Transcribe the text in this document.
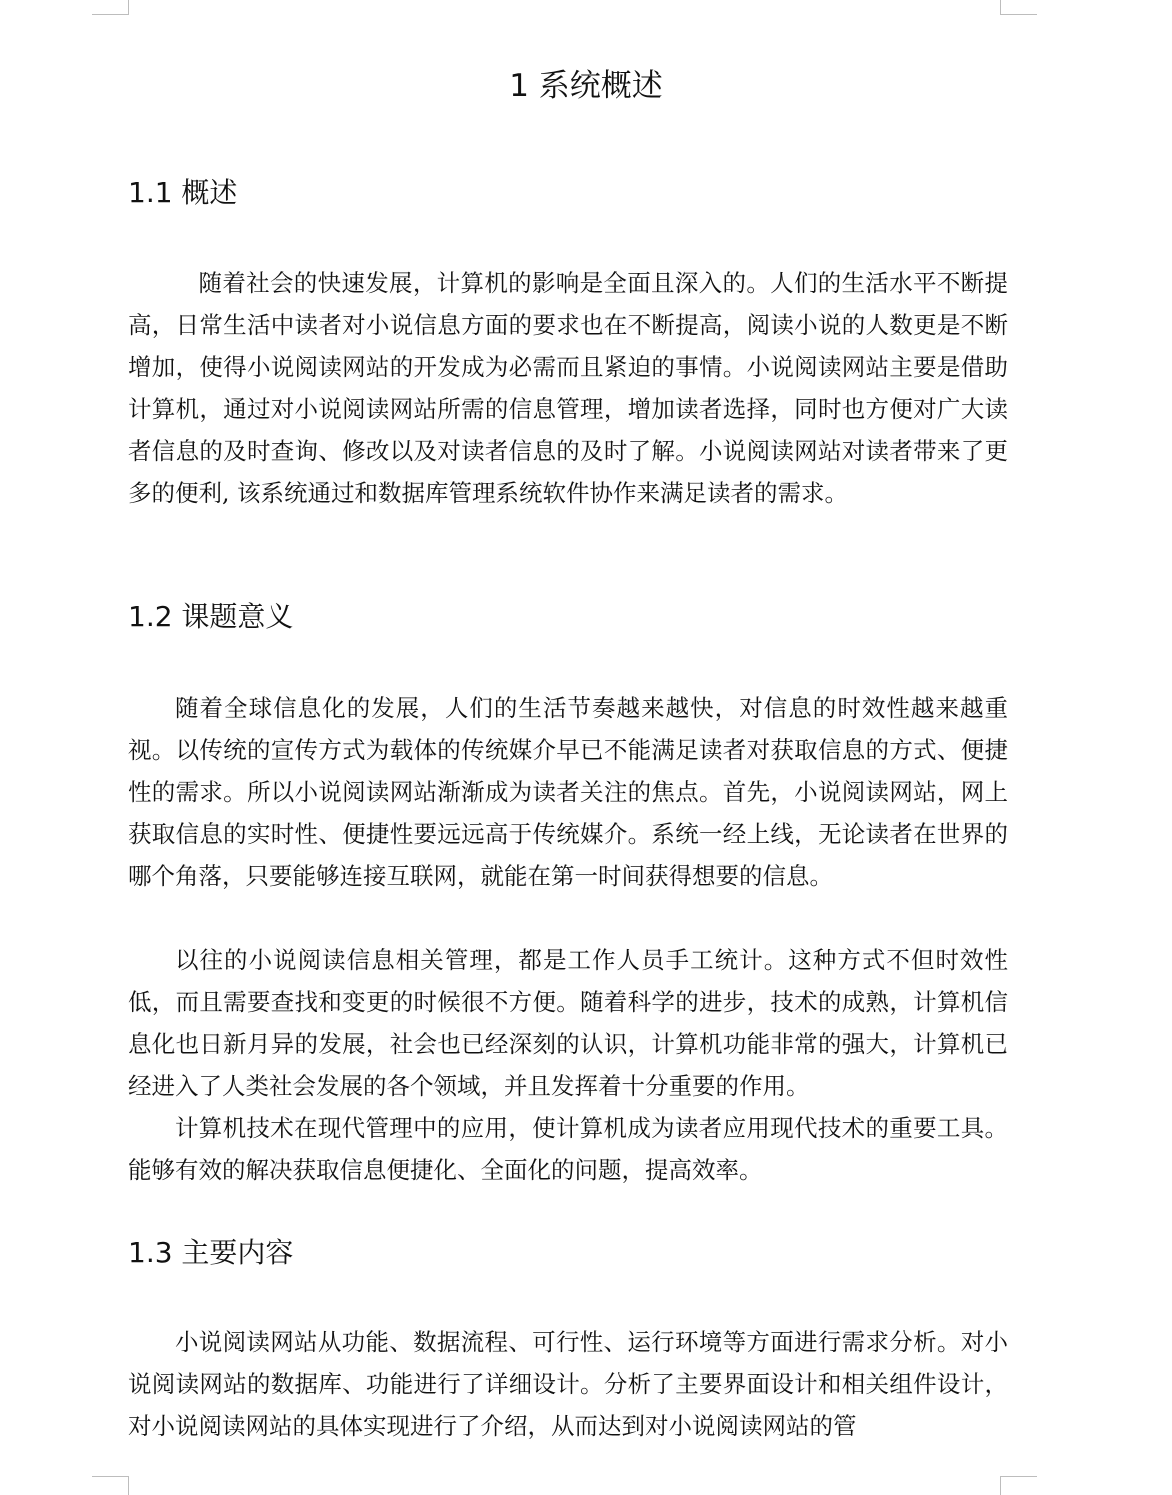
1 系统概述
1.1 概述

随着社会的快速发展，计算机的影响是全面且深入的。人们的生活水平不断提高，日常生活中读者对小说信息方面的要求也在不断提高，阅读小说的人数更是不断增加，使得小说阅读网站的开发成为必需而且紧迫的事情。小说阅读网站主要是借助计算机，通过对小说阅读网站所需的信息管理，增加读者选择，同时也方便对广大读者信息的及时查询、修改以及对读者信息的及时了解。小说阅读网站对读者带来了更多的便利, 该系统通过和数据库管理系统软件协作来满足读者的需求。

1.2 课题意义

随着全球信息化的发展，人们的生活节奏越来越快，对信息的时效性越来越重视。以传统的宣传方式为载体的传统媒介早已不能满足读者对获取信息的方式、便捷性的需求。所以小说阅读网站渐渐成为读者关注的焦点。首先，小说阅读网站，网上获取信息的实时性、便捷性要远远高于传统媒介。系统一经上线，无论读者在世界的哪个角落，只要能够连接互联网，就能在第一时间获得想要的信息。

以往的小说阅读信息相关管理，都是工作人员手工统计。这种方式不但时效性低，而且需要查找和变更的时候很不方便。随着科学的进步，技术的成熟，计算机信息化也日新月异的发展，社会也已经深刻的认识，计算机功能非常的强大，计算机已经进入了人类社会发展的各个领域，并且发挥着十分重要的作用。

计算机技术在现代管理中的应用，使计算机成为读者应用现代技术的重要工具。能够有效的解决获取信息便捷化、全面化的问题，提高效率。

1.3 主要内容

小说阅读网站从功能、数据流程、可行性、运行环境等方面进行需求分析。对小说阅读网站的数据库、功能进行了详细设计。分析了主要界面设计和相关组件设计，对小说阅读网站的具体实现进行了介绍，从而达到对小说阅读网站的管
